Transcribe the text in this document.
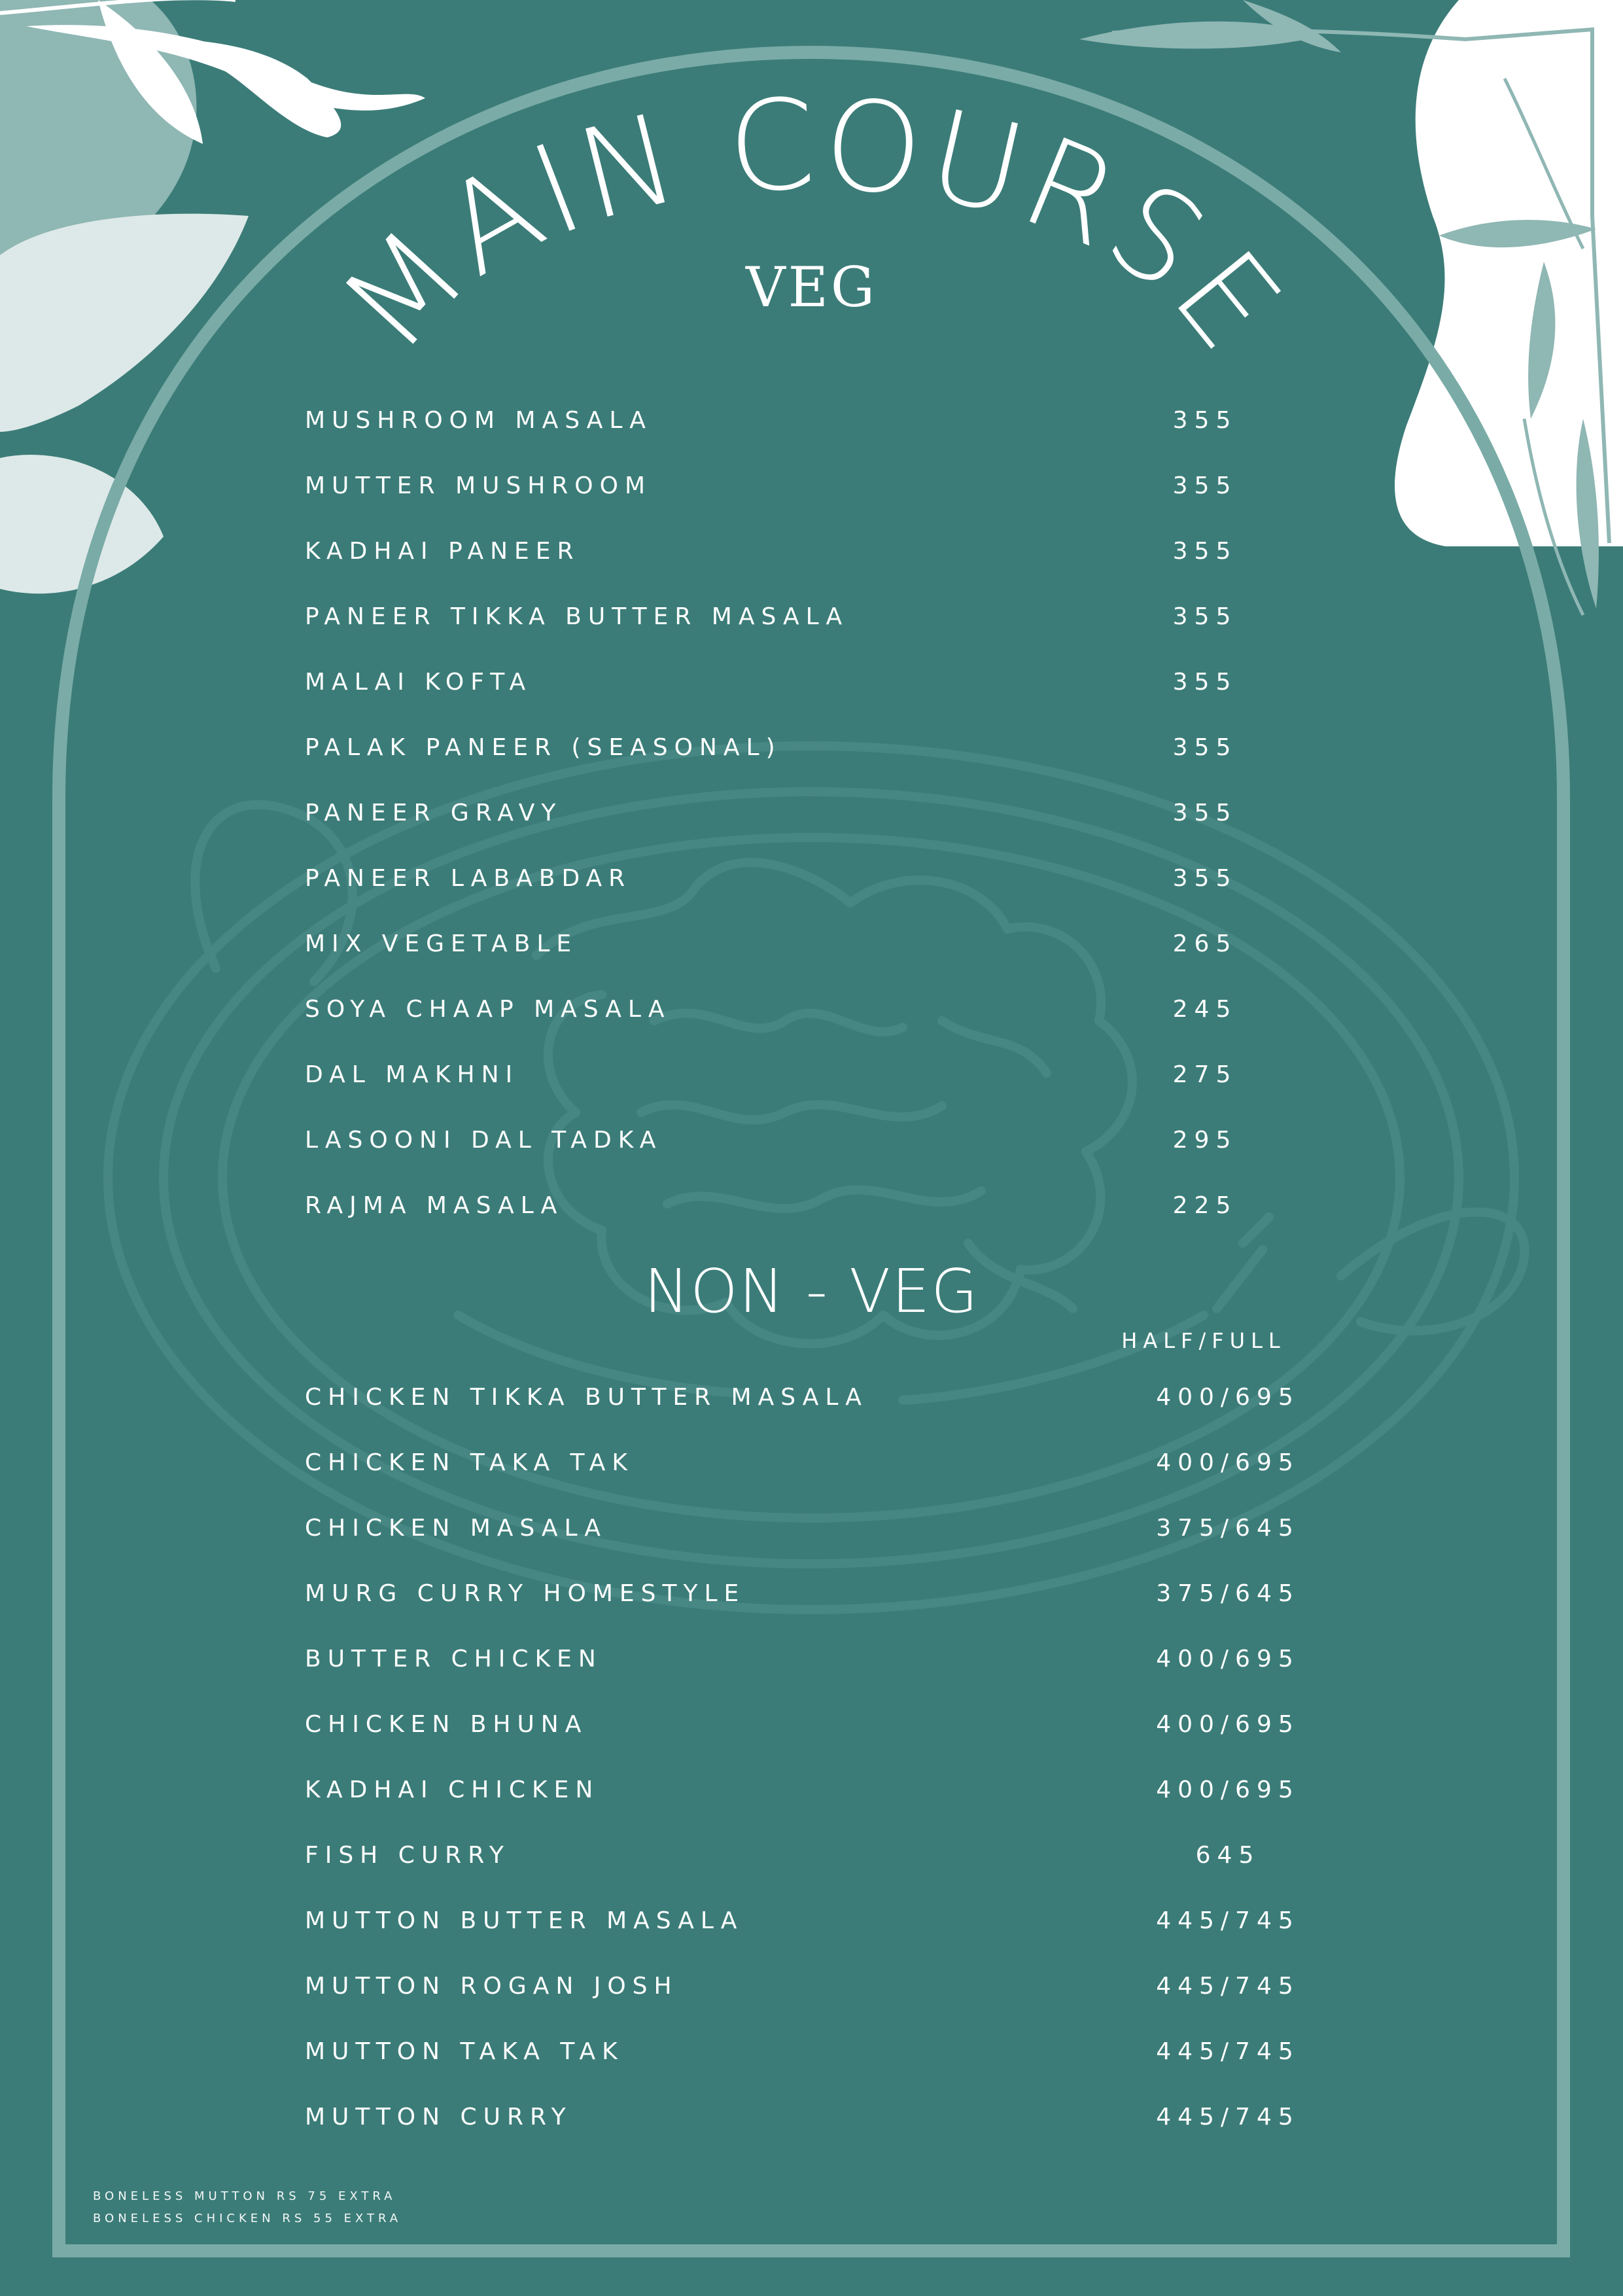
MAIN COURSE
VEG
MUSHROOM MASALA	355
MUTTER MUSHROOM	355
KADHAI PANEER	355
PANEER TIKKA BUTTER MASALA	355
MALAI KOFTA	355
PALAK PANEER (SEASONAL)	355
PANEER GRAVY	355
PANEER LABABDAR	355
MIX VEGETABLE	265
SOYA CHAAP MASALA	245
DAL MAKHNI	275
LASOONI DAL TADKA	295
RAJMA MASALA	225
NON - VEG
HALF/FULL
CHICKEN TIKKA BUTTER MASALA	400/695
CHICKEN TAKA TAK	400/695
CHICKEN MASALA	375/645
MURG CURRY HOMESTYLE	375/645
BUTTER CHICKEN	400/695
CHICKEN BHUNA	400/695
KADHAI CHICKEN	400/695
FISH CURRY	645
MUTTON BUTTER MASALA	445/745
MUTTON ROGAN JOSH	445/745
MUTTON TAKA TAK	445/745
MUTTON CURRY	445/745
BONELESS MUTTON RS 75 EXTRA
BONELESS CHICKEN RS 55 EXTRA
